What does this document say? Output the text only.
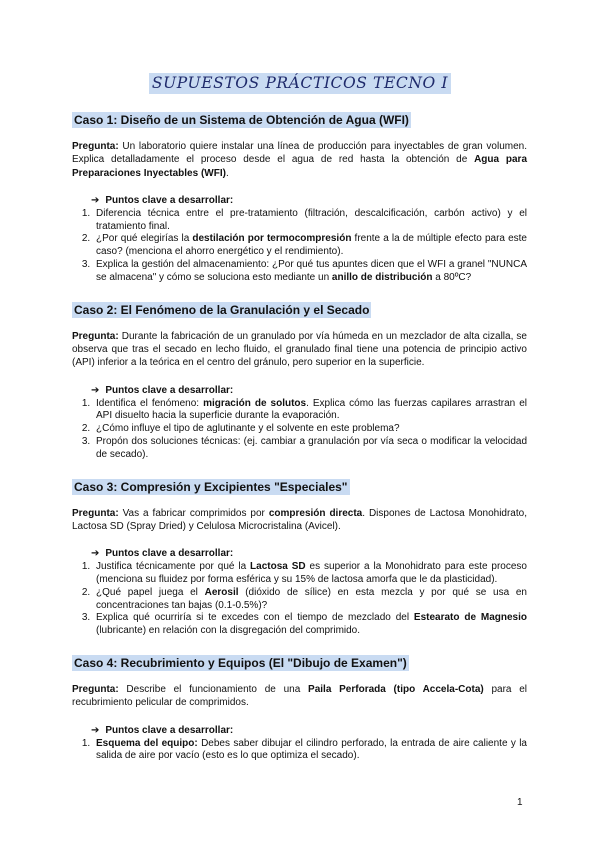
SUPUESTOS PRÁCTICOS TECNO I
Caso 1: Diseño de un Sistema de Obtención de Agua (WFI)

Pregunta: Un laboratorio quiere instalar una línea de producción para inyectables de gran volumen. Explica detalladamente el proceso desde el agua de red hasta la obtención de Agua para Preparaciones Inyectables (WFI).

➔ Puntos clave a desarrollar:
1. Diferencia técnica entre el pre-tratamiento (filtración, descalcificación, carbón activo) y el tratamiento final.
2. ¿Por qué elegirías la destilación por termocompresión frente a la de múltiple efecto para este caso? (menciona el ahorro energético y el rendimiento).
3. Explica la gestión del almacenamiento: ¿Por qué tus apuntes dicen que el WFI a granel "NUNCA se almacena" y cómo se soluciona esto mediante un anillo de distribución a 80ºC?
Caso 2: El Fenómeno de la Granulación y el Secado

Pregunta: Durante la fabricación de un granulado por vía húmeda en un mezclador de alta cizalla, se observa que tras el secado en lecho fluido, el granulado final tiene una potencia de principio activo (API) inferior a la teórica en el centro del gránulo, pero superior en la superficie.

➔ Puntos clave a desarrollar:
1. Identifica el fenómeno: migración de solutos. Explica cómo las fuerzas capilares arrastran el API disuelto hacia la superficie durante la evaporación.
2. ¿Cómo influye el tipo de aglutinante y el solvente en este problema?
3. Propón dos soluciones técnicas: (ej. cambiar a granulación por vía seca o modificar la velocidad de secado).
Caso 3: Compresión y Excipientes "Especiales"

Pregunta: Vas a fabricar comprimidos por compresión directa. Dispones de Lactosa Monohidrato, Lactosa SD (Spray Dried) y Celulosa Microcristalina (Avicel).

➔ Puntos clave a desarrollar:
1. Justifica técnicamente por qué la Lactosa SD es superior a la Monohidrato para este proceso (menciona su fluidez por forma esférica y su 15% de lactosa amorfa que le da plasticidad).
2. ¿Qué papel juega el Aerosil (dióxido de sílice) en esta mezcla y por qué se usa en concentraciones tan bajas (0.1-0.5%)?
3. Explica qué ocurriría si te excedes con el tiempo de mezclado del Estearato de Magnesio (lubricante) en relación con la disgregación del comprimido.
Caso 4: Recubrimiento y Equipos (El "Dibujo de Examen")

Pregunta: Describe el funcionamiento de una Paila Perforada (tipo Accela-Cota) para el recubrimiento pelicular de comprimidos.

➔ Puntos clave a desarrollar:
1. Esquema del equipo: Debes saber dibujar el cilindro perforado, la entrada de aire caliente y la salida de aire por vacío (esto es lo que optimiza el secado).
1
